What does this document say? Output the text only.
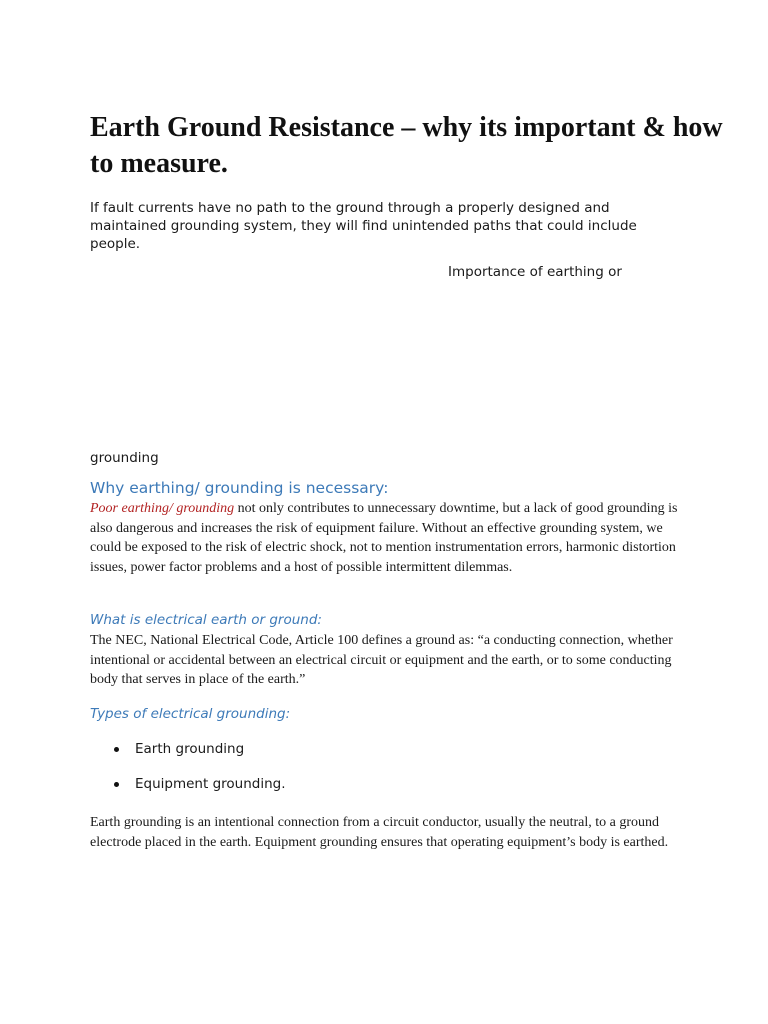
Earth Ground Resistance – why its important & how to measure.

If fault currents have no path to the ground through a properly designed and maintained grounding system, they will find unintended paths that could include people.

Importance of earthing or

grounding

Why earthing/ grounding is necessary:

Poor earthing/ grounding not only contributes to unnecessary downtime, but a lack of good grounding is also dangerous and increases the risk of equipment failure. Without an effective grounding system, we could be exposed to the risk of electric shock, not to mention instrumentation errors, harmonic distortion issues, power factor problems and a host of possible intermittent dilemmas.

What is electrical earth or ground:

The NEC, National Electrical Code, Article 100 defines a ground as: “a conducting connection, whether intentional or accidental between an electrical circuit or equipment and the earth, or to some conducting body that serves in place of the earth.”

Types of electrical grounding:
Earth grounding
Equipment grounding.

Earth grounding is an intentional connection from a circuit conductor, usually the neutral, to a ground electrode placed in the earth. Equipment grounding ensures that operating equipment’s body is earthed.
